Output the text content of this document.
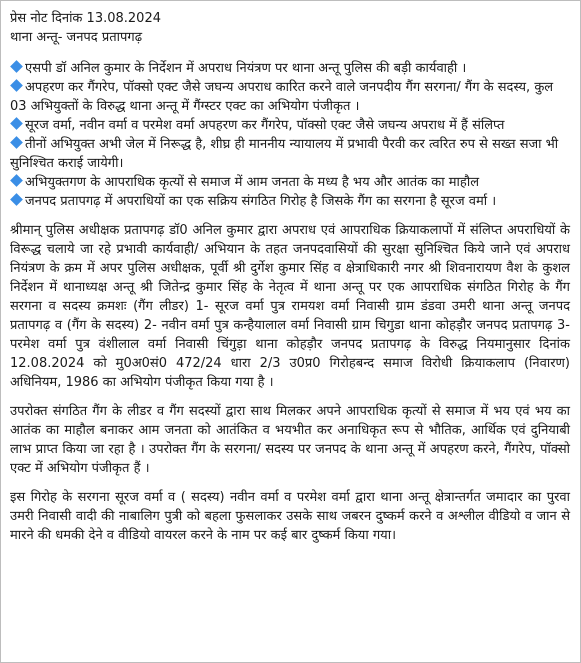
प्रेस नोट दिनांक 13.08.2024
थाना अन्तू- जनपद प्रतापगढ़

एसपी डॉ अनिल कुमार के निर्देशन में अपराध नियंत्रण पर थाना अन्तू पुलिस की बड़ी कार्यवाही ।

अपहरण कर गैंगरेप, पॉक्सो एक्ट जैसे जघन्य अपराध कारित करने वाले जनपदीय गैंग सरगना/ गैंग के सदस्य, कुल 03 अभियुक्तों के विरुद्ध थाना अन्तू में गैंग्स्टर एक्ट का अभियोग पंजीकृत ।

सूरज वर्मा, नवीन वर्मा व परमेश वर्मा अपहरण कर गैंगरेप, पॉक्सो एक्ट जैसे जघन्य अपराध में हैं संलिप्त

तीनों अभियुक्त अभी जेल में निरूद्ध है, शीघ्र ही माननीय न्यायालय में प्रभावी पैरवी कर त्वरित रुप से सख्त सजा भी सुनिश्चित कराई जायेगी।

अभियुक्तगण के आपराधिक कृत्यों से समाज में आम जनता के मध्य है भय और आतंक का माहौल

जनपद प्रतापगढ़ में अपराधियों का एक सक्रिय संगठित गिरोह है जिसके गैंग का सरगना है सूरज वर्मा ।

श्रीमान् पुलिस अधीक्षक प्रतापगढ़ डॉ0 अनिल कुमार द्वारा अपराध एवं आपराधिक क्रियाकलापों में संलिप्त अपराधियों के विरूद्ध चलाये जा रहे प्रभावी कार्यवाही/ अभियान के तहत जनपदवासियों की सुरक्षा सुनिश्चित किये जाने एवं अपराध नियंत्रण के क्रम में अपर पुलिस अधीक्षक, पूर्वी श्री दुर्गेश कुमार सिंह व क्षेत्राधिकारी नगर श्री शिवनारायण वैश के कुशल निर्देशन में थानाध्यक्ष अन्तू श्री जितेन्द्र कुमार सिंह के नेतृत्व में थाना अन्तू पर एक आपराधिक संगठित गिरोह के गैंग सरगना व सदस्य क्रमशः (गैंग लीडर) 1- सूरज वर्मा पुत्र रामयश वर्मा निवासी ग्राम डंडवा उमरी थाना अन्तू जनपद प्रतापगढ़ व (गैंग के सदस्य) 2- नवीन वर्मा पुत्र कन्हैयालाल वर्मा निवासी ग्राम चिगुडा थाना कोहड़ौर जनपद प्रतापगढ़ 3- परमेश वर्मा पुत्र वंशीलाल वर्मा निवासी चिंगुड़ा थाना कोहड़ौर जनपद प्रतापगढ़ के विरुद्ध नियमानुसार दिनांक 12.08.2024 को मु0अ0सं0 472/24 धारा 2/3 उ0प्र0 गिरोहबन्द समाज विरोधी क्रियाकलाप (निवारण) अधिनियम, 1986 का अभियोग पंजीकृत किया गया है ।

उपरोक्त संगठित गैंग के लीडर व गैंग सदस्यों द्वारा साथ मिलकर अपने आपराधिक कृत्यों से समाज में भय एवं भय का आतंक का माहौल बनाकर आम जनता को आतंकित व भयभीत कर अनाधिकृत रूप से भौतिक, आर्थिक एवं दुनियाबी लाभ प्राप्त किया जा रहा है । उपरोक्त गैंग के सरगना/ सदस्य पर जनपद के थाना अन्तू में अपहरण करने, गैंगरेप, पॉक्सो एक्ट में अभियोग पंजीकृत हैं ।

इस गिरोह के सरगना सूरज वर्मा व ( सदस्य) नवीन वर्मा व परमेश वर्मा द्वारा थाना अन्तू क्षेत्रान्तर्गत जमादार का पुरवा उमरी निवासी वादी की नाबालिग पुत्री को बहला फुसलाकर उसके साथ जबरन दुष्कर्म करने व अश्लील वीडियो व जान से मारने की धमकी देने व वीडियो वायरल करने के नाम पर कई बार दुष्कर्म किया गया।
